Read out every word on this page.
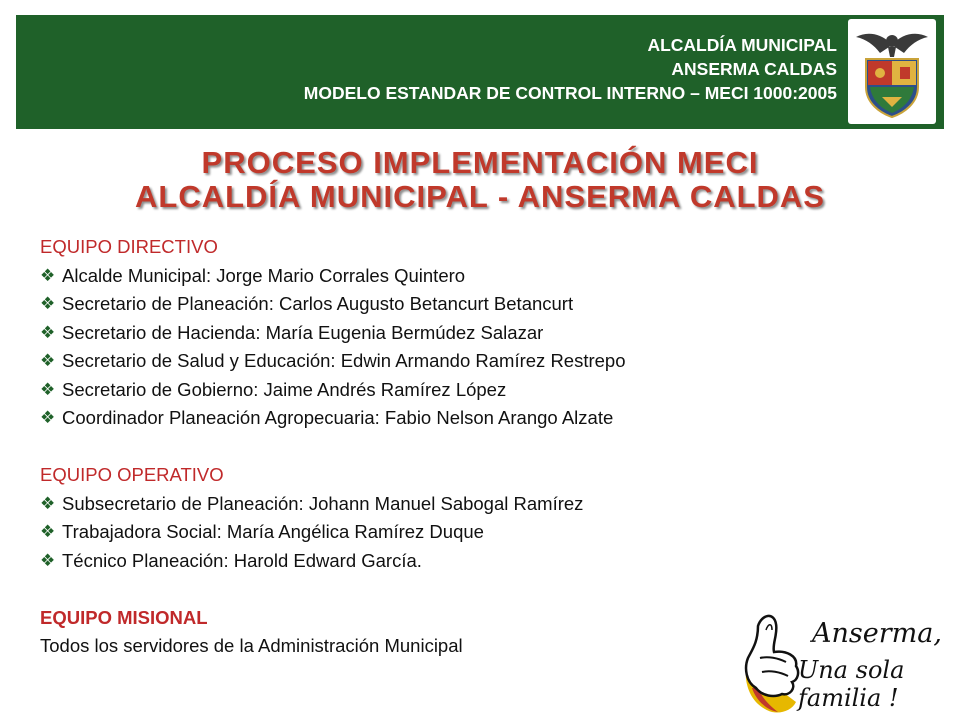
ALCALDÍA MUNICIPAL
ANSERMA CALDAS
MODELO ESTANDAR DE CONTROL INTERNO – MECI 1000:2005
PROCESO IMPLEMENTACIÓN MECI
ALCALDÍA MUNICIPAL - ANSERMA CALDAS
EQUIPO DIRECTIVO
❖ Alcalde Municipal: Jorge Mario Corrales Quintero
❖ Secretario de Planeación: Carlos Augusto Betancurt Betancurt
❖ Secretario de Hacienda: María Eugenia Bermúdez Salazar
❖ Secretario de Salud y Educación: Edwin Armando Ramírez Restrepo
❖ Secretario de Gobierno: Jaime Andrés Ramírez López
❖ Coordinador Planeación Agropecuaria: Fabio Nelson Arango Alzate
EQUIPO OPERATIVO
❖ Subsecretario de Planeación: Johann Manuel Sabogal Ramírez
❖ Trabajadora Social: María Angélica Ramírez Duque
❖ Técnico Planeación: Harold Edward García.
EQUIPO MISIONAL
Todos los servidores de la Administración Municipal	Anserma,
Una sola familia !
